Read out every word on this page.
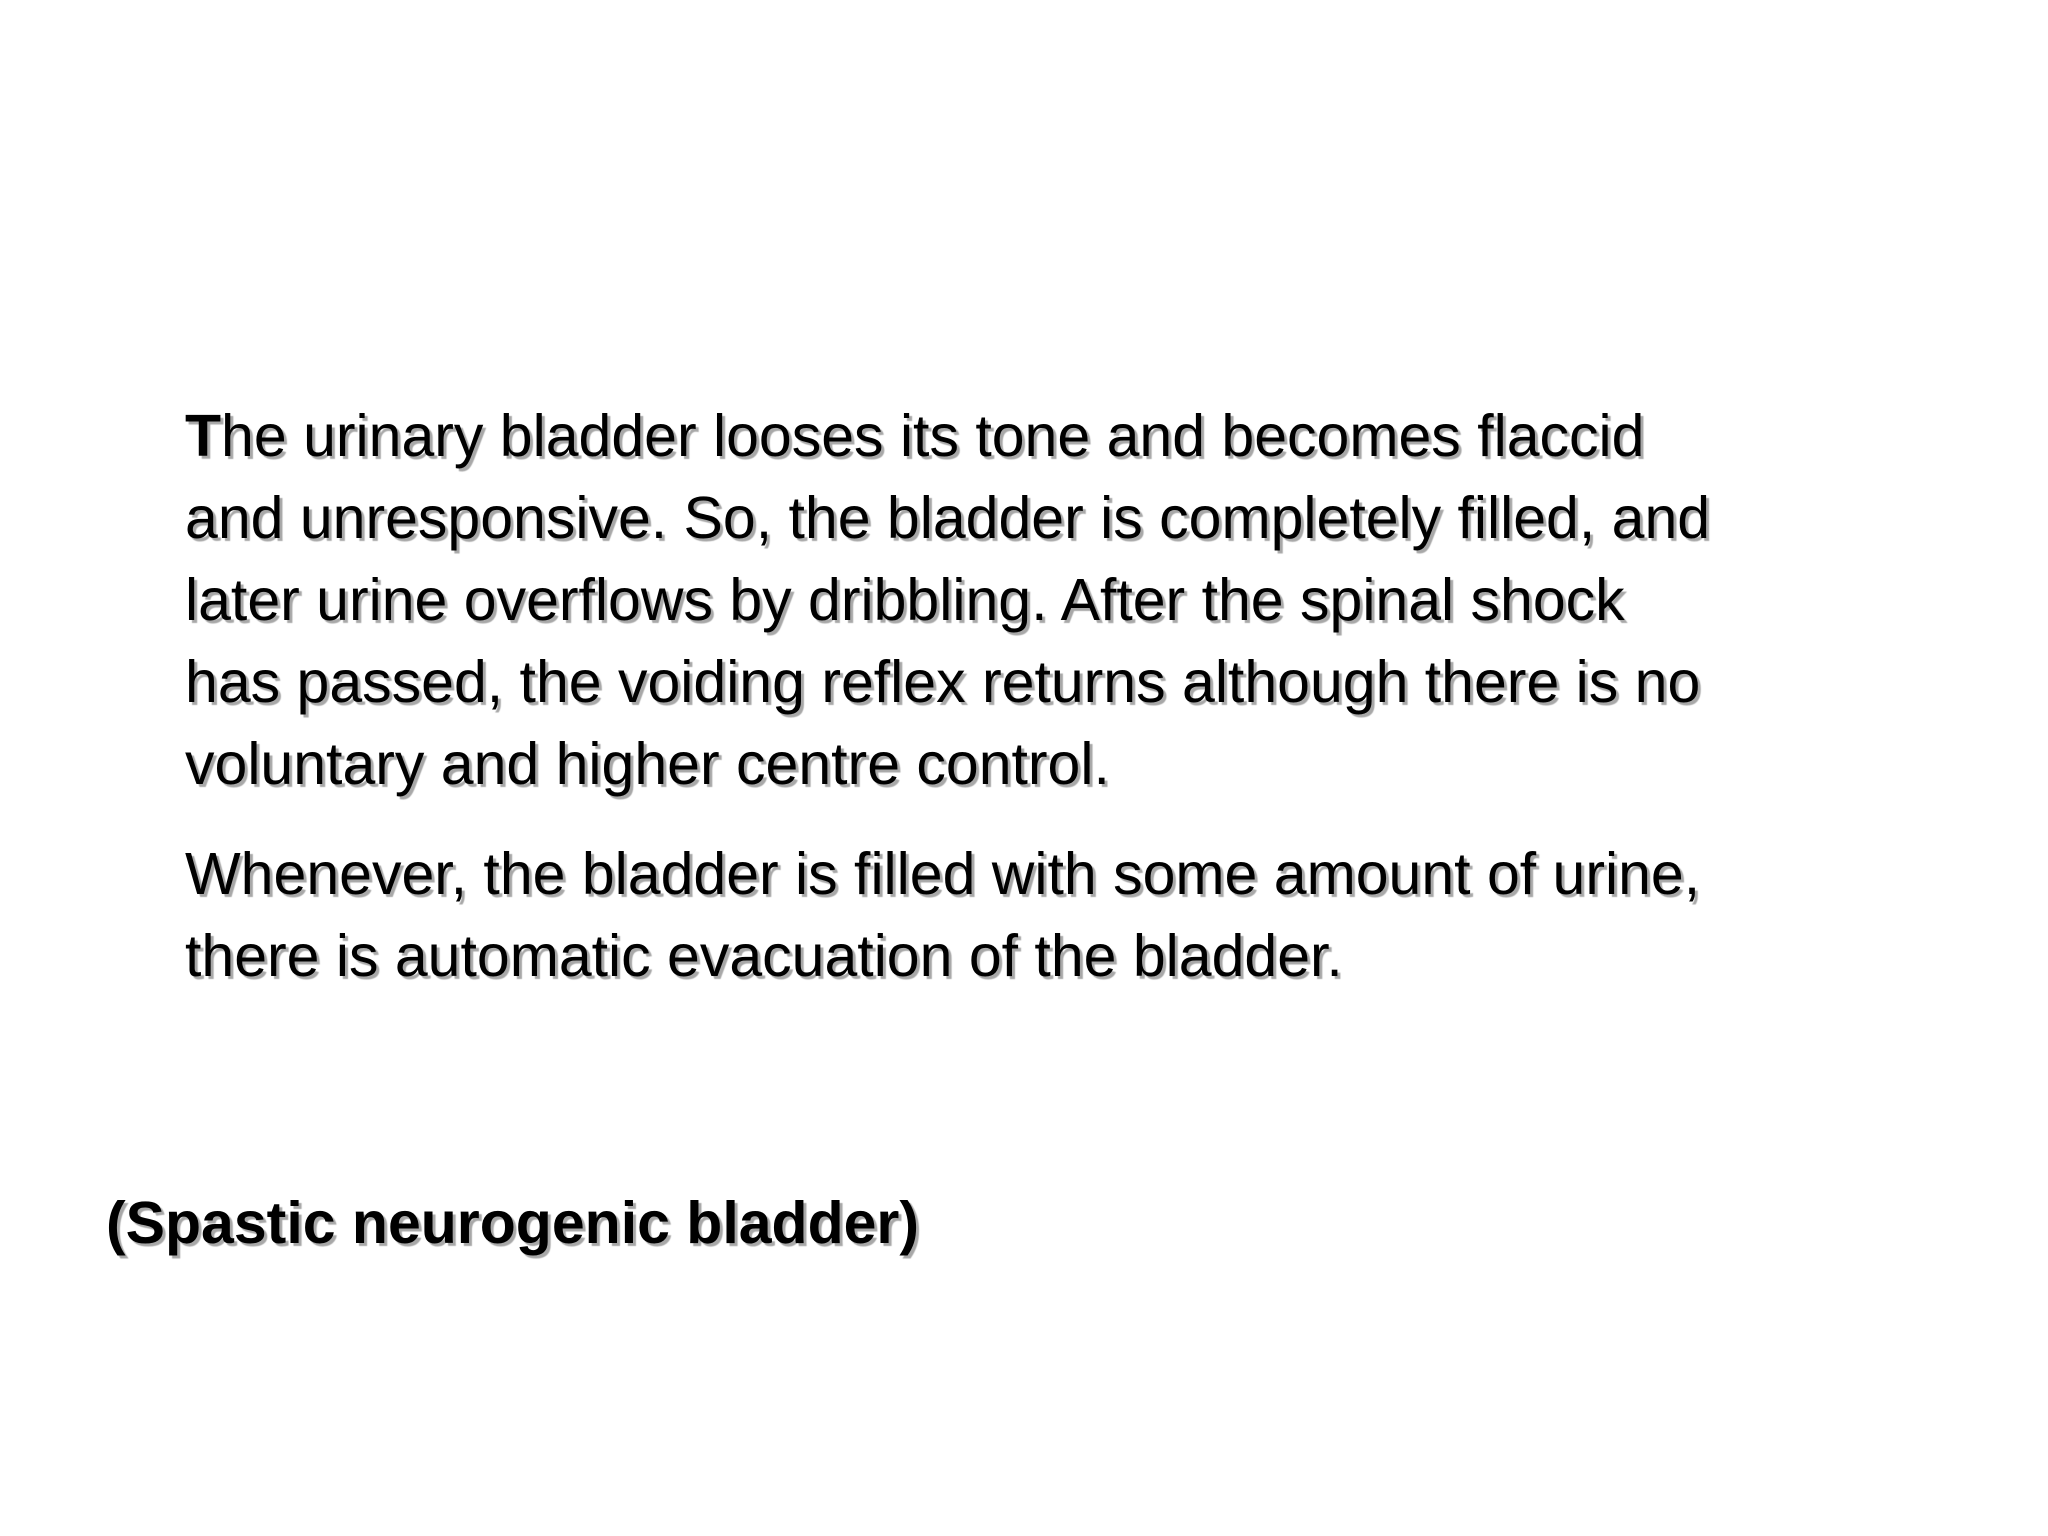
The urinary bladder looses its tone and becomes flaccid
and unresponsive. So, the bladder is completely filled, and
later urine overflows by dribbling. After the spinal shock
has passed, the voiding reflex returns although there is no
voluntary and higher centre control.

Whenever, the bladder is filled with some amount of urine,
there is automatic evacuation of the bladder.

(Spastic neurogenic bladder)
